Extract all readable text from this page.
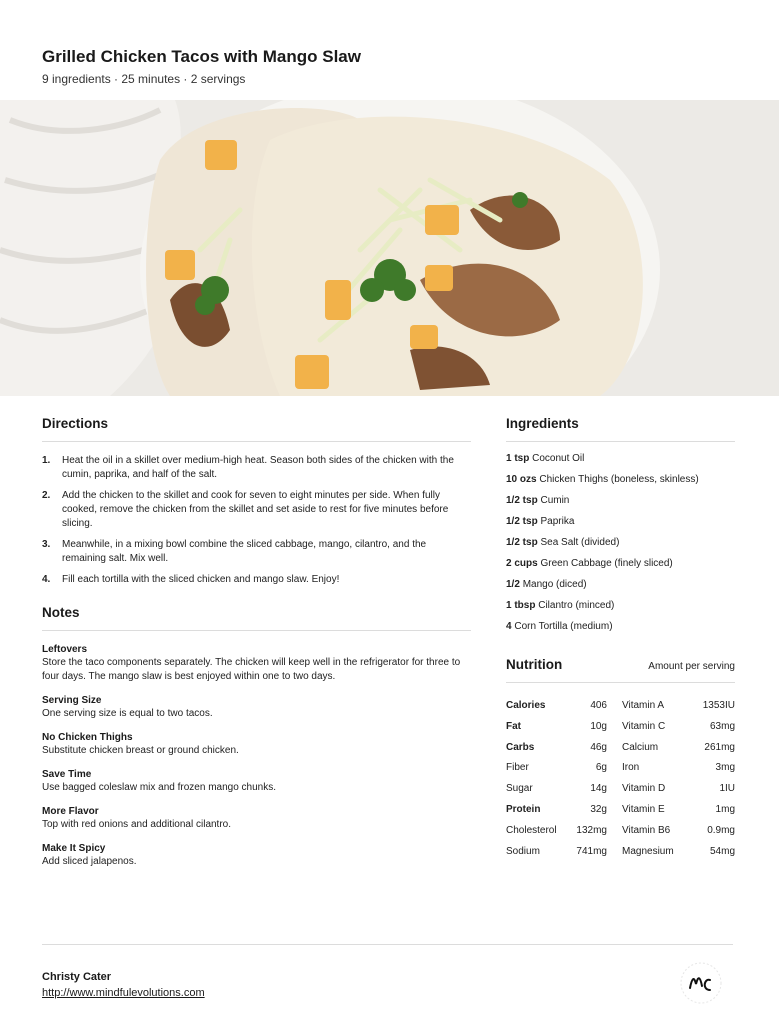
Grilled Chicken Tacos with Mango Slaw
9 ingredients · 25 minutes · 2 servings
Directions
1. Heat the oil in a skillet over medium-high heat. Season both sides of the chicken with the cumin, paprika, and half of the salt.
2. Add the chicken to the skillet and cook for seven to eight minutes per side. When fully cooked, remove the chicken from the skillet and set aside to rest for five minutes before slicing.
3. Meanwhile, in a mixing bowl combine the sliced cabbage, mango, cilantro, and the remaining salt. Mix well.
4. Fill each tortilla with the sliced chicken and mango slaw. Enjoy!
Notes
Leftovers
Store the taco components separately. The chicken will keep well in the refrigerator for three to four days. The mango slaw is best enjoyed within one to two days.
Serving Size
One serving size is equal to two tacos.
No Chicken Thighs
Substitute chicken breast or ground chicken.
Save Time
Use bagged coleslaw mix and frozen mango chunks.
More Flavor
Top with red onions and additional cilantro.
Make It Spicy
Add sliced jalapenos.
Ingredients
1 tsp Coconut Oil
10 ozs Chicken Thighs (boneless, skinless)
1/2 tsp Cumin
1/2 tsp Paprika
1/2 tsp Sea Salt (divided)
2 cups Green Cabbage (finely sliced)
1/2 Mango (diced)
1 tbsp Cilantro (minced)
4 Corn Tortilla (medium)
Nutrition	Amount per serving
Calories	406 Vitamin A	1353IU
Fat	10g Vitamin C	63mg
Carbs	46g Calcium	261mg
Fiber	6g Iron	3mg
Sugar	14g Vitamin D	1IU
Protein	32g Vitamin E	1mg
Cholesterol	132mg Vitamin B6	0.9mg
Sodium	741mg Magnesium	54mg
Christy Cater
http://www.mindfulevolutions.com
